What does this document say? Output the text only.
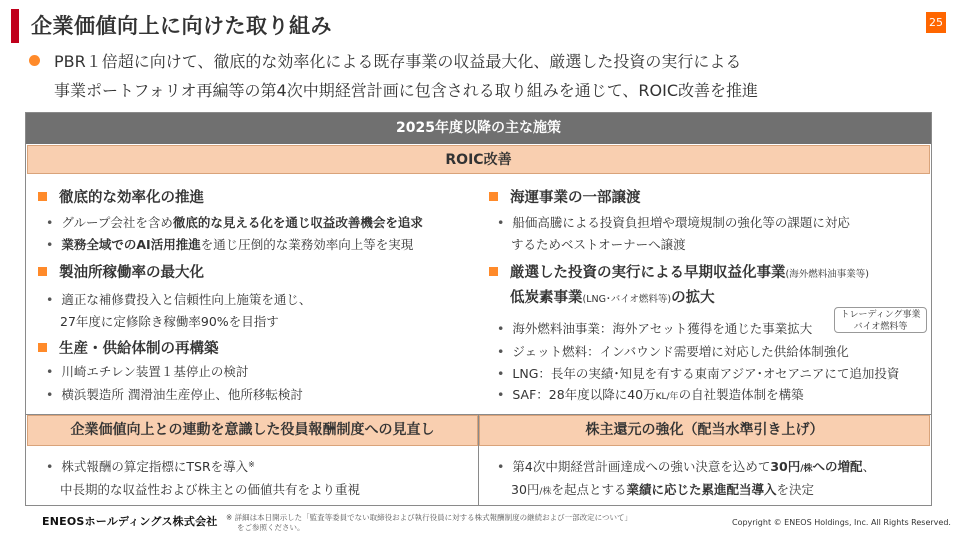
企業価値向上に向けた取り組み	25
PBR１倍超に向けて、徹底的な効率化による既存事業の収益最大化、厳選した投資の実行による
事業ポートフォリオ再編等の第4次中期経営計画に包含される取り組みを通じて、ROIC改善を推進
2025年度以降の主な施策
ROIC改善
徹底的な効率化の推進
• グループ会社を含め徹底的な見える化を通じ収益改善機会を追求
• 業務全域でのAI活用推進を通じ圧倒的な業務効率向上等を実現
製油所稼働率の最大化
• 適正な補修費投入と信頼性向上施策を通じ、
27年度に定修除き稼働率90%を目指す
生産・供給体制の再構築
• 川崎エチレン装置１基停止の検討
• 横浜製造所 潤滑油生産停止、他所移転検討
海運事業の一部譲渡
• 船価高騰による投資負担増や環境規制の強化等の課題に対応
するためベストオーナーへ譲渡
厳選した投資の実行による早期収益化事業(海外燃料油事業等)
低炭素事業(LNG･バイオ燃料等)の拡大
• 海外燃料油事業：海外アセット獲得を通じた事業拡大
• ジェット燃料：インバウンド需要増に対応した供給体制強化
• LNG：長年の実績･知見を有する東南アジア･オセアニアにて追加投資
• SAF：28年度以降に40万KL/年の自社製造体制を構築
企業価値向上との連動を意識した役員報酬制度への見直し	株主還元の強化（配当水準引き上げ）
• 株式報酬の算定指標にTSRを導入※
中長期的な収益性および株主との価値共有をより重視
• 第4次中期経営計画達成への強い決意を込めて30円/株への増配、
30円/株を起点とする業績に応じた累進配当導入を決定
トレーディング事業
バイオ燃料等
ENEOSホールディングス株式会社 ※ 詳細は本日開示した「監査等委員でない取締役および執行役員に対する株式報酬制度の継続および一部改定について」
をご参照ください。
Copyright © ENEOS Holdings, Inc. All Rights Reserved.
